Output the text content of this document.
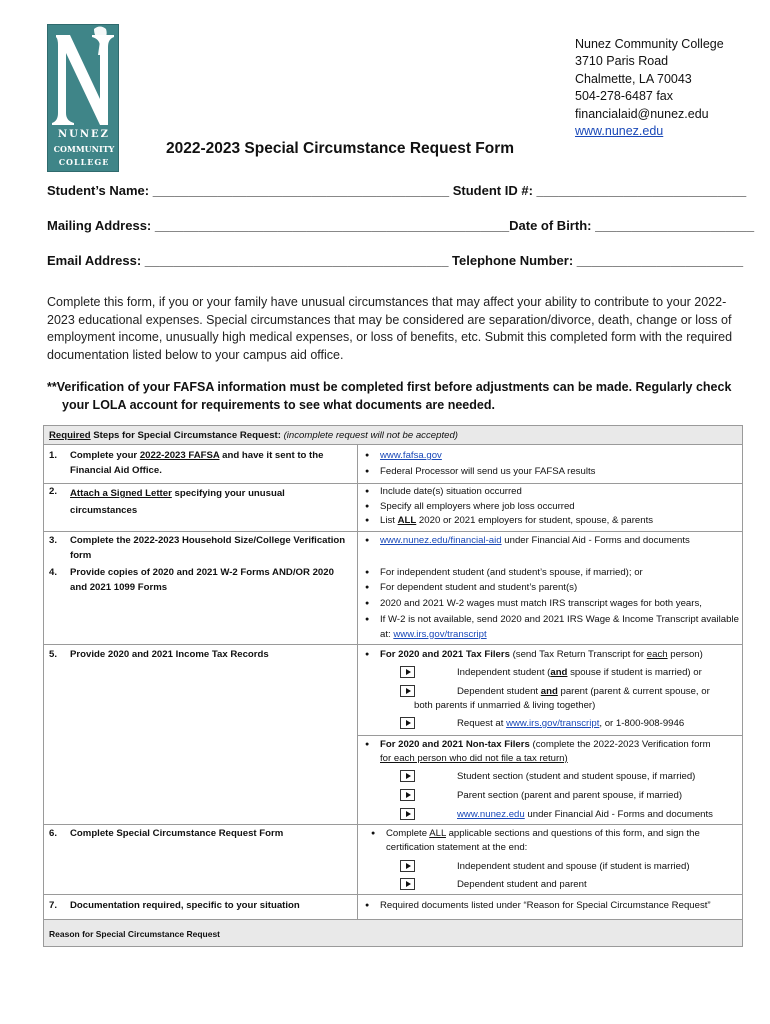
NUNEZ
COMMUNITY
COLLEGE
Nunez Community College
3710 Paris Road
Chalmette, LA 70043
504-278-6487 fax
financialaid@nunez.edu
www.nunez.edu
2022-2023 Special Circumstance Request Form
Student’s Name: _________________________________________ Student ID #: _____________________________
Mailing Address: _________________________________________________Date of Birth: ______________________
Email Address: __________________________________________ Telephone Number: _______________________
Complete this form, if you or your family have unusual circumstances that may affect your ability to contribute to your 2022-2023 educational expenses. Special circumstances that may be considered are separation/divorce, death, change or loss of employment income, unusually high medical expenses, or loss of benefits, etc. Submit this completed form with the required documentation listed below to your campus aid office.
**Verification of your FAFSA information must be completed first before adjustments can be made. Regularly check
your LOLA account for requirements to see what documents are needed.
Required Steps for Special Circumstance Request: (incomplete request will not be accepted)
1. Complete your 2022-2023 FAFSA and have it sent to the Financial Aid Office.
● www.fafsa.gov
● Federal Processor will send us your FAFSA results
2. Attach a Signed Letter specifying your unusual circumstances
● Include date(s) situation occurred
● Specify all employers where job loss occurred
● List ALL 2020 or 2021 employers for student, spouse, & parents
3. Complete the 2022-2023 Household Size/College Verification form
● www.nunez.edu/financial-aid under Financial Aid - Forms and documents
4. Provide copies of 2020 and 2021 W-2 Forms AND/OR 2020 and 2021 1099 Forms
● For independent student (and student’s spouse, if married); or
● For dependent student and student’s parent(s)
● 2020 and 2021 W-2 wages must match IRS transcript wages for both years,
● If W-2 is not available, send 2020 and 2021 IRS Wage & Income Transcript available at: www.irs.gov/transcript
5. Provide 2020 and 2021 Income Tax Records	● For 2020 and 2021 Tax Filers (send Tax Return Transcript for each person)
Independent student (and spouse if student is married) or
Dependent student and parent (parent & current spouse, or
both parents if unmarried & living together)
Request at www.irs.gov/transcript, or 1-800-908-9946
● For 2020 and 2021 Non-tax Filers (complete the 2022-2023 Verification form
for each person who did not file a tax return)
Student section (student and student spouse, if married)
Parent section (parent and parent spouse, if married)
www.nunez.edu under Financial Aid - Forms and documents
6. Complete Special Circumstance Request Form	● Complete ALL applicable sections and questions of this form, and sign the
certification statement at the end:
Independent student and spouse (if student is married)
Dependent student and parent
7. Documentation required, specific to your situation	● Required documents listed under “Reason for Special Circumstance Request”
Reason for Special Circumstance Request
